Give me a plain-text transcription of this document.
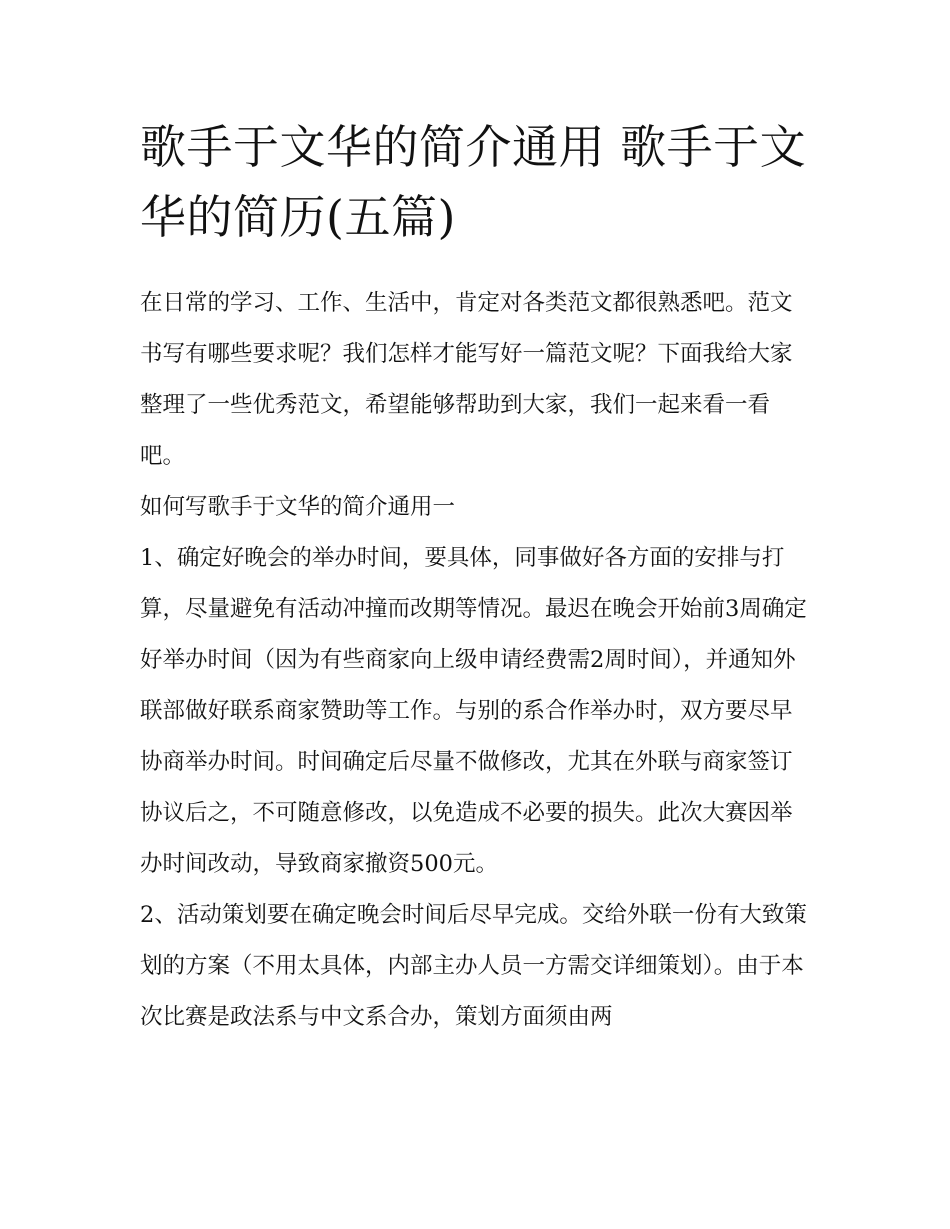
歌手于文华的简介通用 歌手于文华的简历(五篇)

在日常的学习、工作、生活中，肯定对各类范文都很熟悉吧。范文书写有哪些要求呢？我们怎样才能写好一篇范文呢？下面我给大家整理了一些优秀范文，希望能够帮助到大家，我们一起来看一看吧。

如何写歌手于文华的简介通用一

1、确定好晚会的举办时间，要具体，同事做好各方面的安排与打算，尽量避免有活动冲撞而改期等情况。最迟在晚会开始前3周确定好举办时间（因为有些商家向上级申请经费需2周时间），并通知外联部做好联系商家赞助等工作。与别的系合作举办时，双方要尽早协商举办时间。时间确定后尽量不做修改，尤其在外联与商家签订协议后之，不可随意修改，以免造成不必要的损失。此次大赛因举办时间改动，导致商家撤资500元。

2、活动策划要在确定晚会时间后尽早完成。交给外联一份有大致策划的方案（不用太具体，内部主办人员一方需交详细策划）。由于本次比赛是政法系与中文系合办，策划方面须由两
